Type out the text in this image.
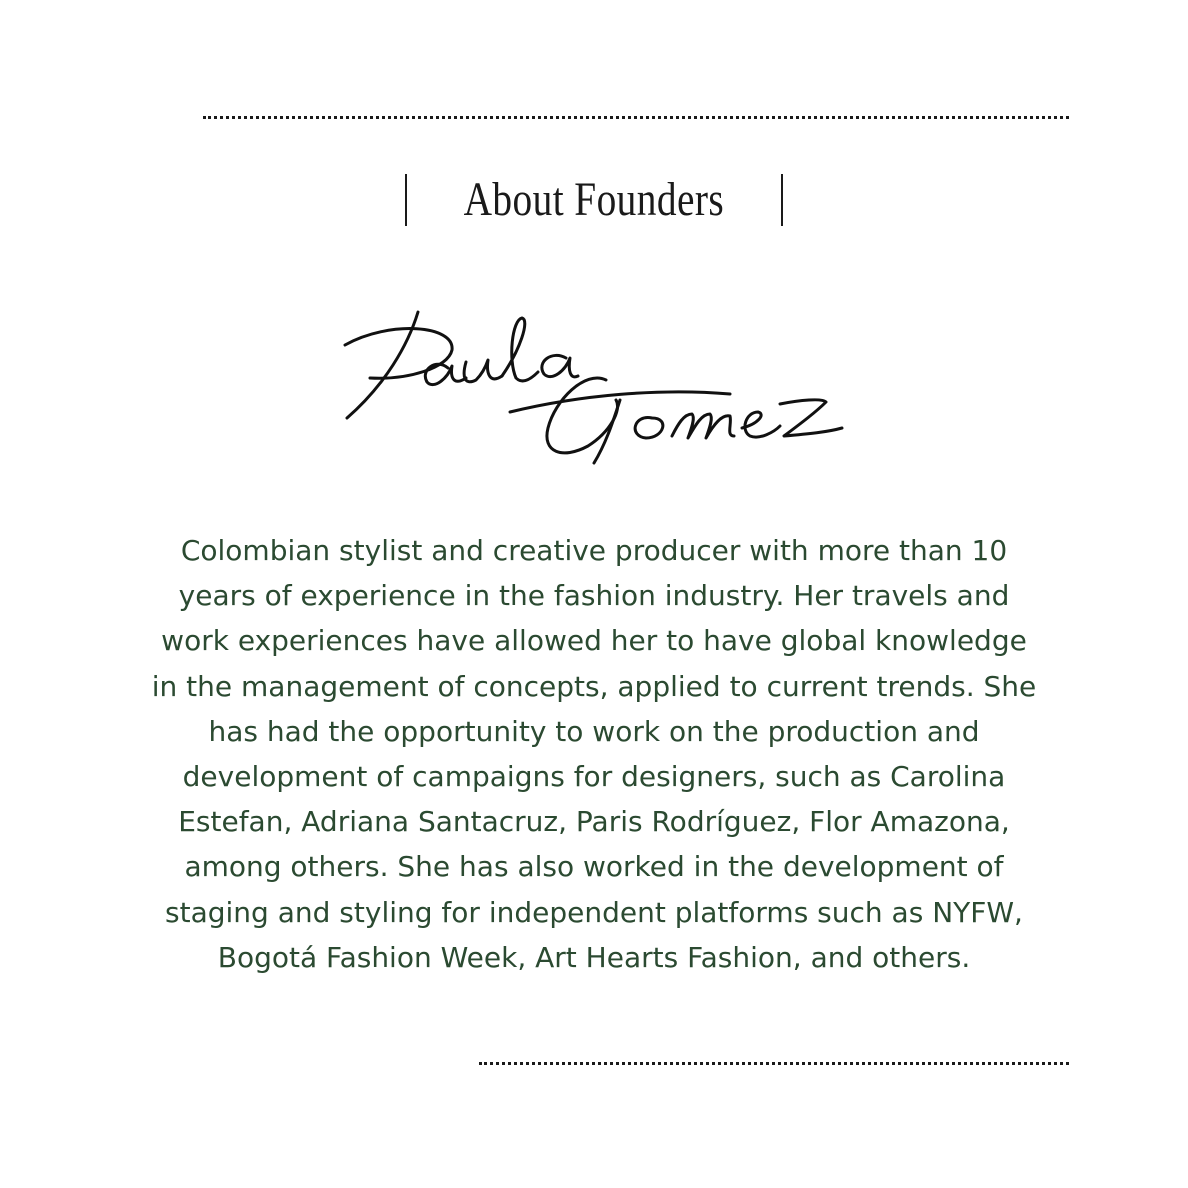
About Founders

Colombian stylist and creative producer with more than 10
years of experience in the fashion industry. Her travels and
work experiences have allowed her to have global knowledge
in the management of concepts, applied to current trends. She
has had the opportunity to work on the production and
development of campaigns for designers, such as Carolina
Estefan, Adriana Santacruz, Paris Rodríguez, Flor Amazona,
among others. She has also worked in the development of
staging and styling for independent platforms such as NYFW,
Bogotá Fashion Week, Art Hearts Fashion, and others.
